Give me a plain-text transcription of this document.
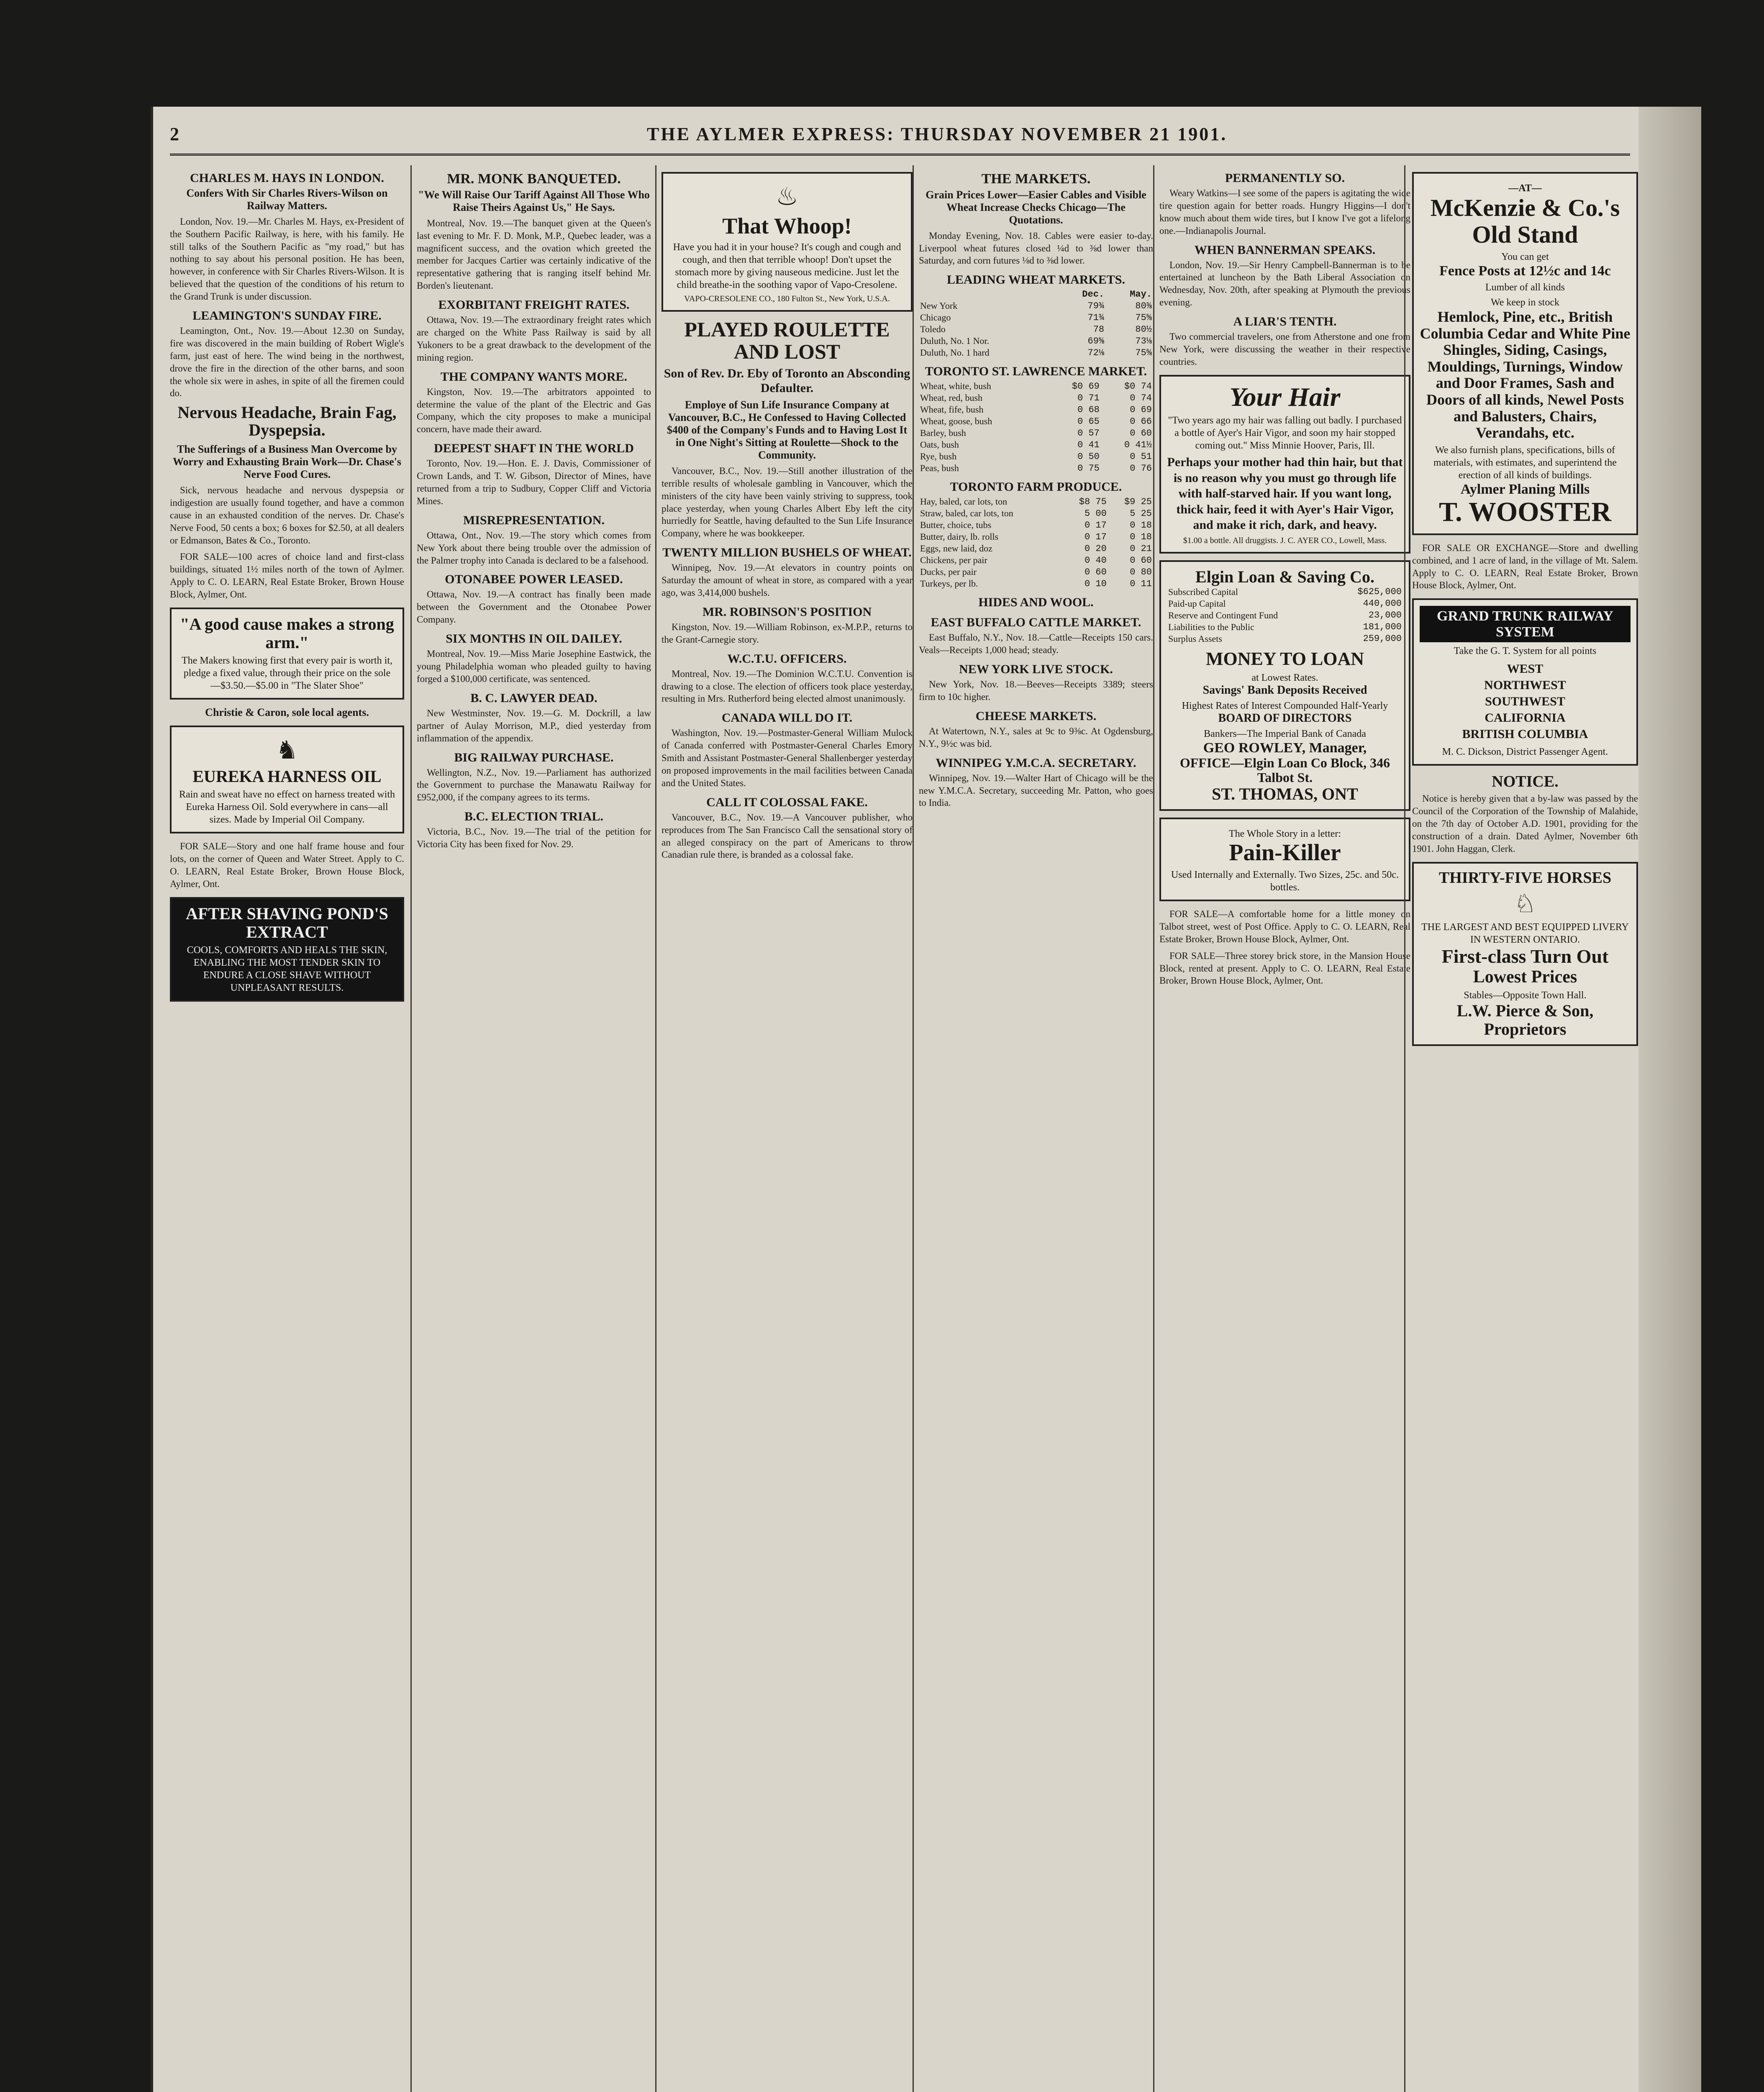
2	THE AYLMER EXPRESS: THURSDAY NOVEMBER 21 1901.
CHARLES M. HAYS IN LONDON.
Confers With Sir Charles Rivers-Wilson on Railway Matters.

London, Nov. 19.—Mr. Charles M. Hays, ex-President of the Southern Pacific Railway, is here, with his family. He still talks of the Southern Pacific as "my road," but has nothing to say about his personal position. He has been, however, in conference with Sir Charles Rivers-Wilson. It is believed that the question of the conditions of his return to the Grand Trunk is under discussion.

LEAMINGTON'S SUNDAY FIRE.

Leamington, Ont., Nov. 19.—About 12.30 on Sunday, fire was discovered in the main building of Robert Wigle's farm, just east of here. The wind being in the northwest, drove the fire in the direction of the other barns, and soon the whole six were in ashes, in spite of all the firemen could do.

Nervous Headache, Brain Fag, Dyspepsia.
The Sufferings of a Business Man Overcome by Worry and Exhausting Brain Work—Dr. Chase's Nerve Food Cures.

Sick, nervous headache and nervous dyspepsia or indigestion are usually found together, and have a common cause in an exhausted condition of the nerves. Dr. Chase's Nerve Food, 50 cents a box; 6 boxes for $2.50, at all dealers or Edmanson, Bates & Co., Toronto.

FOR SALE—100 acres of choice land and first-class buildings, situated 1½ miles north of the town of Aylmer. Apply to C. O. LEARN, Real Estate Broker, Brown House Block, Aylmer, Ont.

"A good cause makes a strong arm."
The Makers knowing first that every pair is worth it, pledge a fixed value, through their price on the sole —$3.50.—$5.00 in "The Slater Shoe"
Christie & Caron, sole local agents.
♞
EUREKA HARNESS OIL
Rain and sweat have no effect on harness treated with Eureka Harness Oil. Sold everywhere in cans—all sizes. Made by Imperial Oil Company.

FOR SALE—Story and one half frame house and four lots, on the corner of Queen and Water Street. Apply to C. O. LEARN, Real Estate Broker, Brown House Block, Aylmer, Ont.

AFTER SHAVING POND'S EXTRACT
COOLS, COMFORTS AND HEALS THE SKIN, ENABLING THE MOST TENDER SKIN TO ENDURE A CLOSE SHAVE WITHOUT UNPLEASANT RESULTS.
MR. MONK BANQUETED.
"We Will Raise Our Tariff Against All Those Who Raise Theirs Against Us," He Says.

Montreal, Nov. 19.—The banquet given at the Queen's last evening to Mr. F. D. Monk, M.P., Quebec leader, was a magnificent success, and the ovation which greeted the member for Jacques Cartier was certainly indicative of the representative gathering that is ranging itself behind Mr. Borden's lieutenant.

EXORBITANT FREIGHT RATES.

Ottawa, Nov. 19.—The extraordinary freight rates which are charged on the White Pass Railway is said by all Yukoners to be a great drawback to the development of the mining region.

THE COMPANY WANTS MORE.

Kingston, Nov. 19.—The arbitrators appointed to determine the value of the plant of the Electric and Gas Company, which the city proposes to make a municipal concern, have made their award.

DEEPEST SHAFT IN THE WORLD

Toronto, Nov. 19.—Hon. E. J. Davis, Commissioner of Crown Lands, and T. W. Gibson, Director of Mines, have returned from a trip to Sudbury, Copper Cliff and Victoria Mines.

MISREPRESENTATION.

Ottawa, Ont., Nov. 19.—The story which comes from New York about there being trouble over the admission of the Palmer trophy into Canada is declared to be a falsehood.

OTONABEE POWER LEASED.

Ottawa, Nov. 19.—A contract has finally been made between the Government and the Otonabee Power Company.

SIX MONTHS IN OIL DAILEY.

Montreal, Nov. 19.—Miss Marie Josephine Eastwick, the young Philadelphia woman who pleaded guilty to having forged a $100,000 certificate, was sentenced.

B. C. LAWYER DEAD.

New Westminster, Nov. 19.—G. M. Dockrill, a law partner of Aulay Morrison, M.P., died yesterday from inflammation of the appendix.

BIG RAILWAY PURCHASE.

Wellington, N.Z., Nov. 19.—Parliament has authorized the Government to purchase the Manawatu Railway for £952,000, if the company agrees to its terms.

B.C. ELECTION TRIAL.

Victoria, B.C., Nov. 19.—The trial of the petition for Victoria City has been fixed for Nov. 29.

♨
That Whoop!
Have you had it in your house? It's cough and cough and cough, and then that terrible whoop! Don't upset the stomach more by giving nauseous medicine. Just let the child breathe-in the soothing vapor of Vapo-Cresolene.
VAPO-CRESOLENE CO., 180 Fulton St., New York, U.S.A.
PLAYED ROULETTE AND LOST
Son of Rev. Dr. Eby of Toronto an Absconding Defaulter.
Employe of Sun Life Insurance Company at Vancouver, B.C., He Confessed to Having Collected $400 of the Company's Funds and to Having Lost It in One Night's Sitting at Roulette—Shock to the Community.

Vancouver, B.C., Nov. 19.—Still another illustration of the terrible results of wholesale gambling in Vancouver, which the ministers of the city have been vainly striving to suppress, took place yesterday, when young Charles Albert Eby left the city hurriedly for Seattle, having defaulted to the Sun Life Insurance Company, where he was bookkeeper.

TWENTY MILLION BUSHELS OF WHEAT.

Winnipeg, Nov. 19.—At elevators in country points on Saturday the amount of wheat in store, as compared with a year ago, was 3,414,000 bushels.

MR. ROBINSON'S POSITION

Kingston, Nov. 19.—William Robinson, ex-M.P.P., returns to the Grant-Carnegie story.

W.C.T.U. OFFICERS.

Montreal, Nov. 19.—The Dominion W.C.T.U. Convention is drawing to a close. The election of officers took place yesterday, resulting in Mrs. Rutherford being elected almost unanimously.

CANADA WILL DO IT.

Washington, Nov. 19.—Postmaster-General William Mulock of Canada conferred with Postmaster-General Charles Emory Smith and Assistant Postmaster-General Shallenberger yesterday on proposed improvements in the mail facilities between Canada and the United States.

CALL IT COLOSSAL FAKE.

Vancouver, B.C., Nov. 19.—A Vancouver publisher, who reproduces from The San Francisco Call the sensational story of an alleged conspiracy on the part of Americans to throw Canadian rule there, is branded as a colossal fake.

THE MARKETS.
Grain Prices Lower—Easier Cables and Visible Wheat Increase Checks Chicago—The Quotations.

Monday Evening, Nov. 18. Cables were easier to-day. Liverpool wheat futures closed ¼d to ⅜d lower than Saturday, and corn futures ⅛d to ⅜d lower.

LEADING WHEAT MARKETS.
	Dec.	May.
New York	79¾	80⅜
Chicago	71¾	75⅝
Toledo	78	80½
Duluth, No. 1 Nor.	69⅝	73⅛
Duluth, No. 1 hard	72⅛	75⅝
TORONTO ST. LAWRENCE MARKET.
Wheat, white, bush	$0 69	$0 74
Wheat, red, bush	0 71	0 74
Wheat, fife, bush	0 68	0 69
Wheat, goose, bush	0 65	0 66
Barley, bush	0 57	0 60
Oats, bush	0 41	0 41½
Rye, bush	0 50	0 51
Peas, bush	0 75	0 76
TORONTO FARM PRODUCE.
Hay, baled, car lots, ton	$8 75	$9 25
Straw, baled, car lots, ton	5 00	5 25
Butter, choice, tubs	0 17	0 18
Butter, dairy, lb. rolls	0 17	0 18
Eggs, new laid, doz	0 20	0 21
Chickens, per pair	0 40	0 60
Ducks, per pair	0 60	0 80
Turkeys, per lb.	0 10	0 11
HIDES AND WOOL.
EAST BUFFALO CATTLE MARKET.

East Buffalo, N.Y., Nov. 18.—Cattle—Receipts 150 cars. Veals—Receipts 1,000 head; steady.

NEW YORK LIVE STOCK.

New York, Nov. 18.—Beeves—Receipts 3389; steers firm to 10c higher.

CHEESE MARKETS.

At Watertown, N.Y., sales at 9c to 9⅜c. At Ogdensburg, N.Y., 9½c was bid.

WINNIPEG Y.M.C.A. SECRETARY.

Winnipeg, Nov. 19.—Walter Hart of Chicago will be the new Y.M.C.A. Secretary, succeeding Mr. Patton, who goes to India.

PERMANENTLY SO.

Weary Watkins—I see some of the papers is agitating the wide tire question again for better roads. Hungry Higgins—I don't know much about them wide tires, but I know I've got a lifelong one.—Indianapolis Journal.

WHEN BANNERMAN SPEAKS.

London, Nov. 19.—Sir Henry Campbell-Bannerman is to be entertained at luncheon by the Bath Liberal Association on Wednesday, Nov. 20th, after speaking at Plymouth the previous evening.

A LIAR'S TENTH.

Two commercial travelers, one from Atherstone and one from New York, were discussing the weather in their respective countries.

Your Hair
"Two years ago my hair was falling out badly. I purchased a bottle of Ayer's Hair Vigor, and soon my hair stopped coming out." Miss Minnie Hoover, Paris, Ill.
Perhaps your mother had thin hair, but that is no reason why you must go through life with half-starved hair. If you want long, thick hair, feed it with Ayer's Hair Vigor, and make it rich, dark, and heavy.
$1.00 a bottle. All druggists. J. C. AYER CO., Lowell, Mass.
Elgin Loan & Saving Co.
Subscribed Capital	$625,000
Paid-up Capital	440,000
Reserve and Contingent Fund	23,000
Liabilities to the Public	181,000
Surplus Assets	259,000
MONEY TO LOAN
at Lowest Rates.
Savings' Bank Deposits Received
Highest Rates of Interest Compounded Half-Yearly
BOARD OF DIRECTORS
Bankers—The Imperial Bank of Canada
GEO ROWLEY, Manager,
OFFICE—Elgin Loan Co Block, 346 Talbot St.
ST. THOMAS, ONT
The Whole Story in a letter:
Pain-Killer
Used Internally and Externally. Two Sizes, 25c. and 50c. bottles.

FOR SALE—A comfortable home for a little money on Talbot street, west of Post Office. Apply to C. O. LEARN, Real Estate Broker, Brown House Block, Aylmer, Ont.

FOR SALE—Three storey brick store, in the Mansion House Block, rented at present. Apply to C. O. LEARN, Real Estate Broker, Brown House Block, Aylmer, Ont.

—AT—
McKenzie & Co.'s Old Stand
You can get
Fence Posts at 12½c and 14c
Lumber of all kinds
We keep in stock
Hemlock, Pine, etc., British Columbia Cedar and White Pine Shingles, Siding, Casings, Mouldings, Turnings, Window and Door Frames, Sash and Doors of all kinds, Newel Posts and Balusters, Chairs, Verandahs, etc.
We also furnish plans, specifications, bills of materials, with estimates, and superintend the erection of all kinds of buildings.
Aylmer Planing Mills
T. WOOSTER

FOR SALE OR EXCHANGE—Store and dwelling combined, and 1 acre of land, in the village of Mt. Salem. Apply to C. O. LEARN, Real Estate Broker, Brown House Block, Aylmer, Ont.

GRAND TRUNK RAILWAY SYSTEM
Take the G. T. System for all points
WEST
NORTHWEST
SOUTHWEST
CALIFORNIA
BRITISH COLUMBIA
M. C. Dickson, District Passenger Agent.
NOTICE.

Notice is hereby given that a by-law was passed by the Council of the Corporation of the Township of Malahide, on the 7th day of October A.D. 1901, providing for the construction of a drain. Dated Aylmer, November 6th 1901. John Haggan, Clerk.

THIRTY-FIVE HORSES
♘
THE LARGEST AND BEST EQUIPPED LIVERY IN WESTERN ONTARIO.
First-class Turn Out
Lowest Prices
Stables—Opposite Town Hall.
L.W. Pierce & Son, Proprietors
